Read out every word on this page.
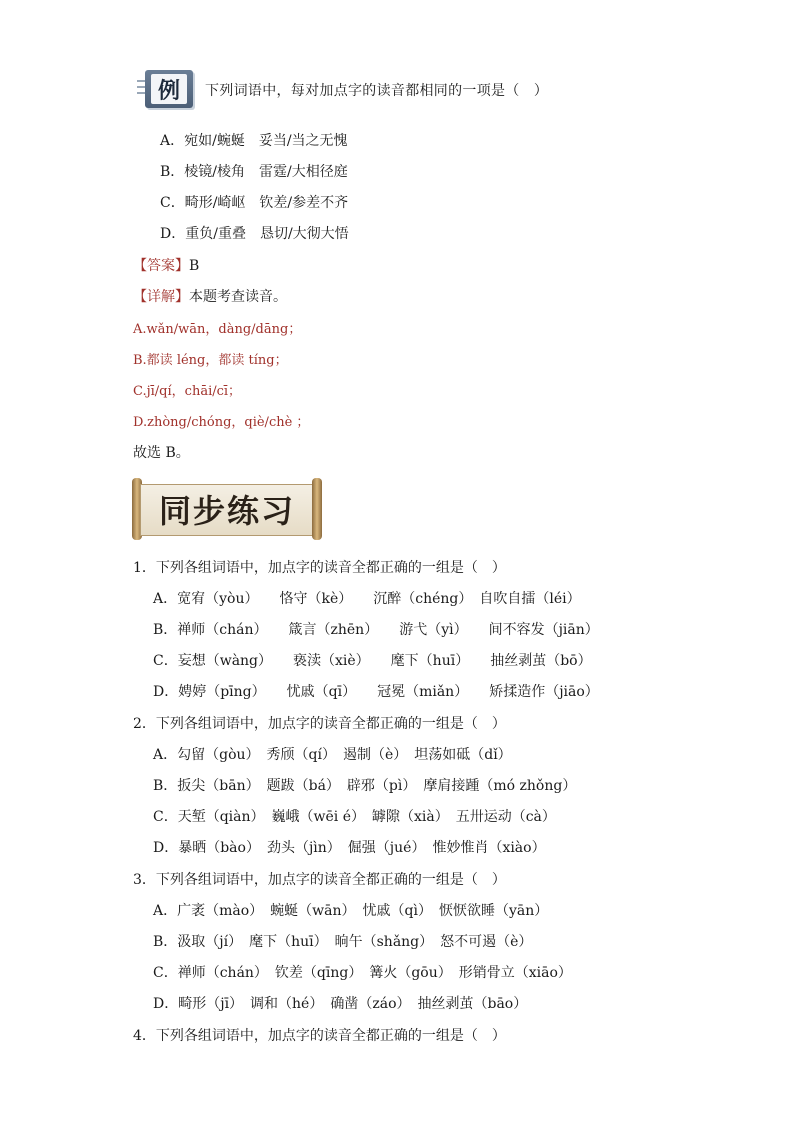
例	下列词语中，每对加点字的读音都相同的一项是（　）
A．宛如/蜿蜒　妥当/当之无愧
B．棱镜/棱角　雷霆/大相径庭
C．畸形/崎岖　钦差/参差不齐
D．重负/重叠　恳切/大彻大悟
【答案】B
【详解】本题考查读音。
A.wǎn/wān，dàng/dāng；
B.都读 léng，都读 tíng；
C.jī/qí，chāi/cī；
D.zhòng/chóng，qiè/chè ；
故选 B。
同步练习
1．下列各组词语中，加点字的读音全都正确的一组是（　）
A．宽宥（yòu）　　恪守（kè）　　沉醉（chéng）　自吹自擂（léi）
B．禅师（chán）　　箴言（zhēn）　　游弋（yì）　　间不容发（jiān）
C．妄想（wàng）　　亵渎（xiè）　　麾下（huī）　　抽丝剥茧（bō）
D．娉婷（pīng）　　忧戚（qī）　　冠冕（miǎn）　　矫揉造作（jiāo）
2．下列各组词语中，加点字的读音全都正确的一组是（　）
A．勾留（gòu）　秀颀（qí）　遏制（è）　坦荡如砥（dǐ）
B．扳尖（bān）　题跋（bá）　辟邪（pì）　摩肩接踵（mó zhǒng）
C．天堑（qiàn）　巍峨（wēi é）　罅隙（xià）　五卅运动（cà）
D．暴晒（bào）　劲头（jìn）　倔强（jué）　惟妙惟肖（xiào）
3．下列各组词语中，加点字的读音全都正确的一组是（　）
A．广袤（mào）　蜿蜒（wān）　忧戚（qì）　恹恹欲睡（yān）
B．汲取（jí）　麾下（huī）　晌午（shǎng）　怒不可遏（è）
C．禅师（chán）　钦差（qīng）　篝火（gōu）　形销骨立（xiāo）
D．畸形（jī）　调和（hé）　确凿（záo）　抽丝剥茧（bāo）
4．下列各组词语中，加点字的读音全都正确的一组是（　）
